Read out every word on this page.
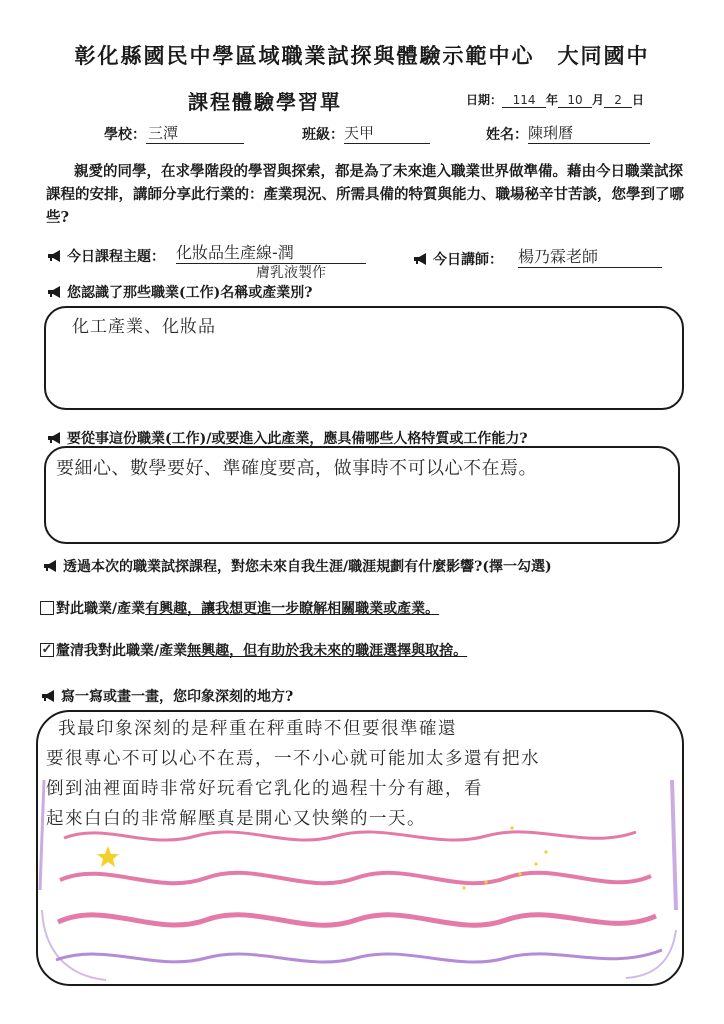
彰化縣國民中學區域職業試探與體驗示範中心　大同國中
課程體驗學習單	日期： 114 年 10 月 2 日
學校： 三潭	班級： 天甲	姓名： 陳琍曆
親愛的同學，在求學階段的學習與探索，都是為了未來進入職業世界做準備。藉由今日職業試探課程的安排，講師分享此行業的：產業現況、所需具備的特質與能力、職場秘辛甘苦談，您學到了哪些?
今日課程主題： 化妝品生產線-潤
膚乳液製作
今日講師： 楊乃霖老師
您認識了那些職業(工作)名稱或產業別?
化工產業、化妝品
要從事這份職業(工作)/或要進入此產業，應具備哪些人格特質或工作能力?
要細心、數學要好、準確度要高，做事時不可以心不在焉。
透過本次的職業試探課程，對您未來自我生涯/職涯規劃有什麼影響?(擇一勾選)
對此職業/產業 有興趣 ，讓我想更進一步瞭解相關職業或產業。
✓ 釐清我對此職業/產業 無興趣 ，但有助於我未來的職涯選擇與取捨。
寫一寫或畫一畫，您印象深刻的地方?
我最印象深刻的是秤重在秤重時不但要很準確還
要很專心不可以心不在焉，一不小心就可能加太多還有把水
倒到油裡面時非常好玩看它乳化的過程十分有趣，看
起來白白的非常解壓真是開心又快樂的一天。
